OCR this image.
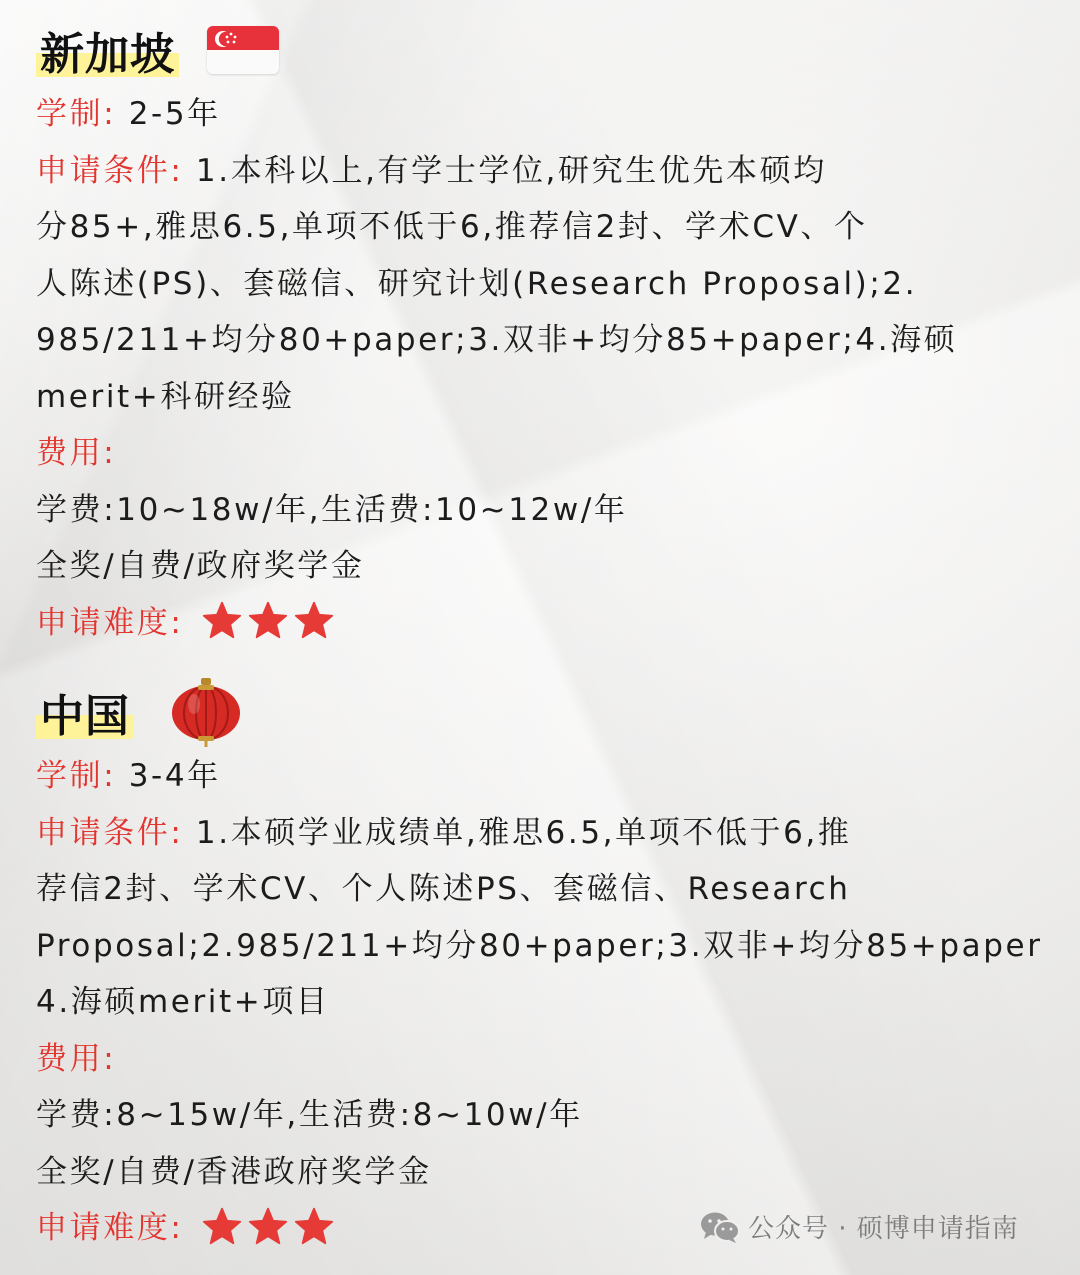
新加坡
学制: 2-5年
申请条件: 1.本科以上,有学士学位,研究生优先本硕均
分85+,雅思6.5,单项不低于6,推荐信2封、学术CV、个
人陈述(PS)、套磁信、研究计划(Research Proposal);2.
985/211+均分80+paper;3.双非+均分85+paper;4.海硕
merit+科研经验
费用:
学费:10~18w/年,生活费:10~12w/年
全奖/自费/政府奖学金
申请难度:
中国
学制: 3-4年
申请条件: 1.本硕学业成绩单,雅思6.5,单项不低于6,推
荐信2封、学术CV、个人陈述PS、套磁信、Research
Proposal;2.985/211+均分80+paper;3.双非+均分85+paper
4.海硕merit+项目
费用:
学费:8~15w/年,生活费:8~10w/年
全奖/自费/香港政府奖学金
申请难度:	公众号 · 硕博申请指南
